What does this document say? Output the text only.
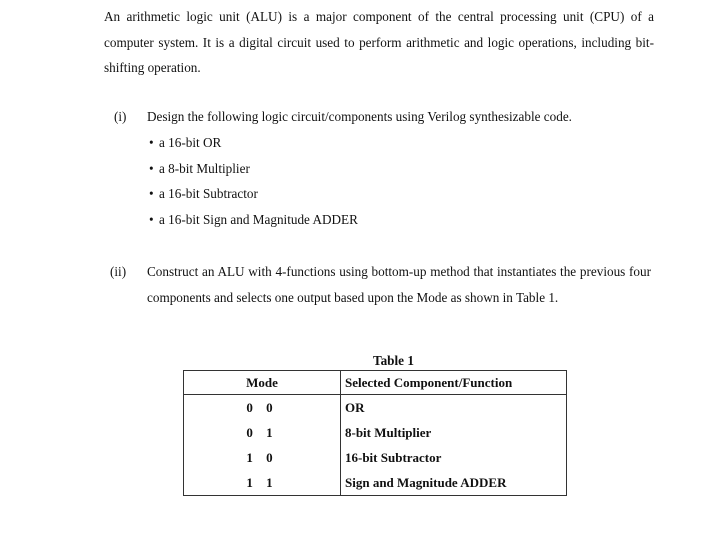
An arithmetic logic unit (ALU) is a major component of the central processing unit (CPU) of a computer system. It is a digital circuit used to perform arithmetic and logic operations, including bit-shifting operation.

(i) Design the following logic circuit/components using Verilog synthesizable code.

• a 16-bit OR
• a 8-bit Multiplier
• a 16-bit Subtractor
• a 16-bit Sign and Magnitude ADDER
(ii) Construct an ALU with 4-functions using bottom-up method that instantiates the previous four components and selects one output based upon the Mode as shown in Table 1.

Table 1
Mode	Selected Component/Function
0 0	OR
0 1	8-bit Multiplier
1 0	16-bit Subtractor
1 1	Sign and Magnitude ADDER
